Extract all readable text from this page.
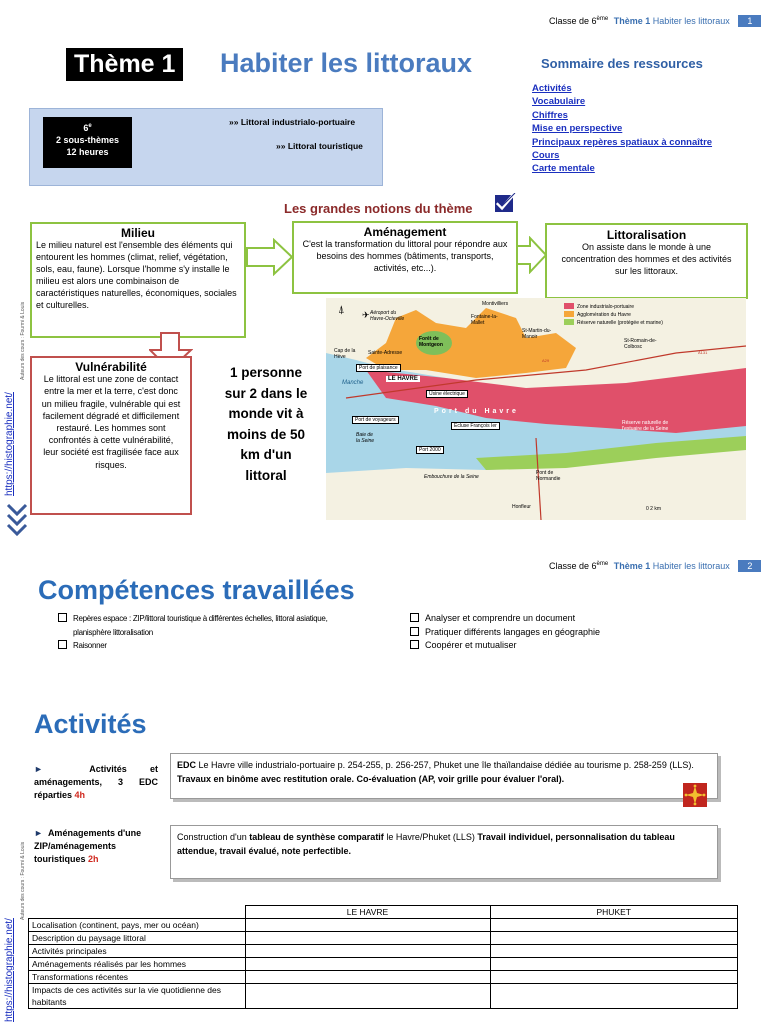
Classe de 6ème Thème 1 Habiter les littoraux 1
Thème 1 Habiter les littoraux	Sommaire des ressources
Activités
Vocabulaire
Chiffres
Mise en perspective
Principaux repères spatiaux à connaître
Cours
Carte mentale
6e
2 sous-thèmes
12 heures
»» Littoral industrialo-portuaire
»» Littoral touristique
Les grandes notions du thème
Milieu
Le milieu naturel est l'ensemble des éléments qui entourent les hommes (climat, relief, végétation, sols, eau, faune). Lorsque l'homme s'y installe le milieu est alors une combinaison de caractéristiques naturelles, économiques, sociales et culturelles.
Aménagement
C'est la transformation du littoral pour répondre aux besoins des hommes (bâtiments, transports, activités, etc...).
Littoralisation
On assiste dans le monde à une concentration des hommes et des activités sur les littoraux.
Vulnérabilité
Le littoral est une zone de contact entre la mer et la terre, c'est donc un milieu fragile, vulnérable qui est facilement dégradé et difficilement restauré. Les hommes sont confrontés à cette vulnérabilité, leur société est fragilisée face aux risques.
1 personne sur 2 dans le monde vit à moins de 50 km d'un littoral
Zone industrialo-portuaire
Agglomération du Havre
Réserve naturelle (protégée et marine)
⍋ ✈ Aéroport du Havre-Octeville	Fontaine-la-Mallet
Montivilliers
Forêt de Montgeon
St-Martin-du-Manoir
St-Romain-de-Colbosc
Cap de la Hève
Sainte-Adresse
Port de plaisance
LE HAVRE
Usine électrique
Port de voyageurs
Port du Havre
Écluse François Ier
Port 2000
Baie de la Seine
Manche
Embouchure de la Seine
Pont de Normandie
Réserve naturelle de l'estuaire de la Seine
Honfleur
A29
A131
0 2 km
https://histographie.net/
Auteurs des cours : Fourmi & Louis
Classe de 6ème Thème 1 Habiter les littoraux 2
Compétences travaillées
Repères espace : ZIP/littoral touristique à différentes échelles, littoral asiatique,
planisphère littoralisation
Raisonner
Analyser et comprendre un document
Pratiquer différents langages en géographie
Coopérer et mutualiser
Activités
►	Activités et aménagements, 3 EDC réparties 4h
EDC Le Havre ville industrialo-portuaire p. 254-255, p. 256-257, Phuket une île thaïlandaise dédiée au tourisme p. 258-259 (LLS). Travaux en binôme avec restitution orale. Co-évaluation (AP, voir grille pour évaluer l'oral).
► Aménagements d'une ZIP/aménagements touristiques 2h
Construction d'un tableau de synthèse comparatif le Havre/Phuket (LLS) Travail individuel, personnalisation du tableau attendue, travail évalué, note perfectible.
	LE HAVRE	PHUKET
Localisation (continent, pays, mer ou océan)		
Description du paysage littoral		
Activités principales		
Aménagements réalisés par les hommes		
Transformations récentes		
Impacts de ces activités sur la vie quotidienne des habitants		
https://histographie.net/
Auteurs des cours : Fourmi & Louis
